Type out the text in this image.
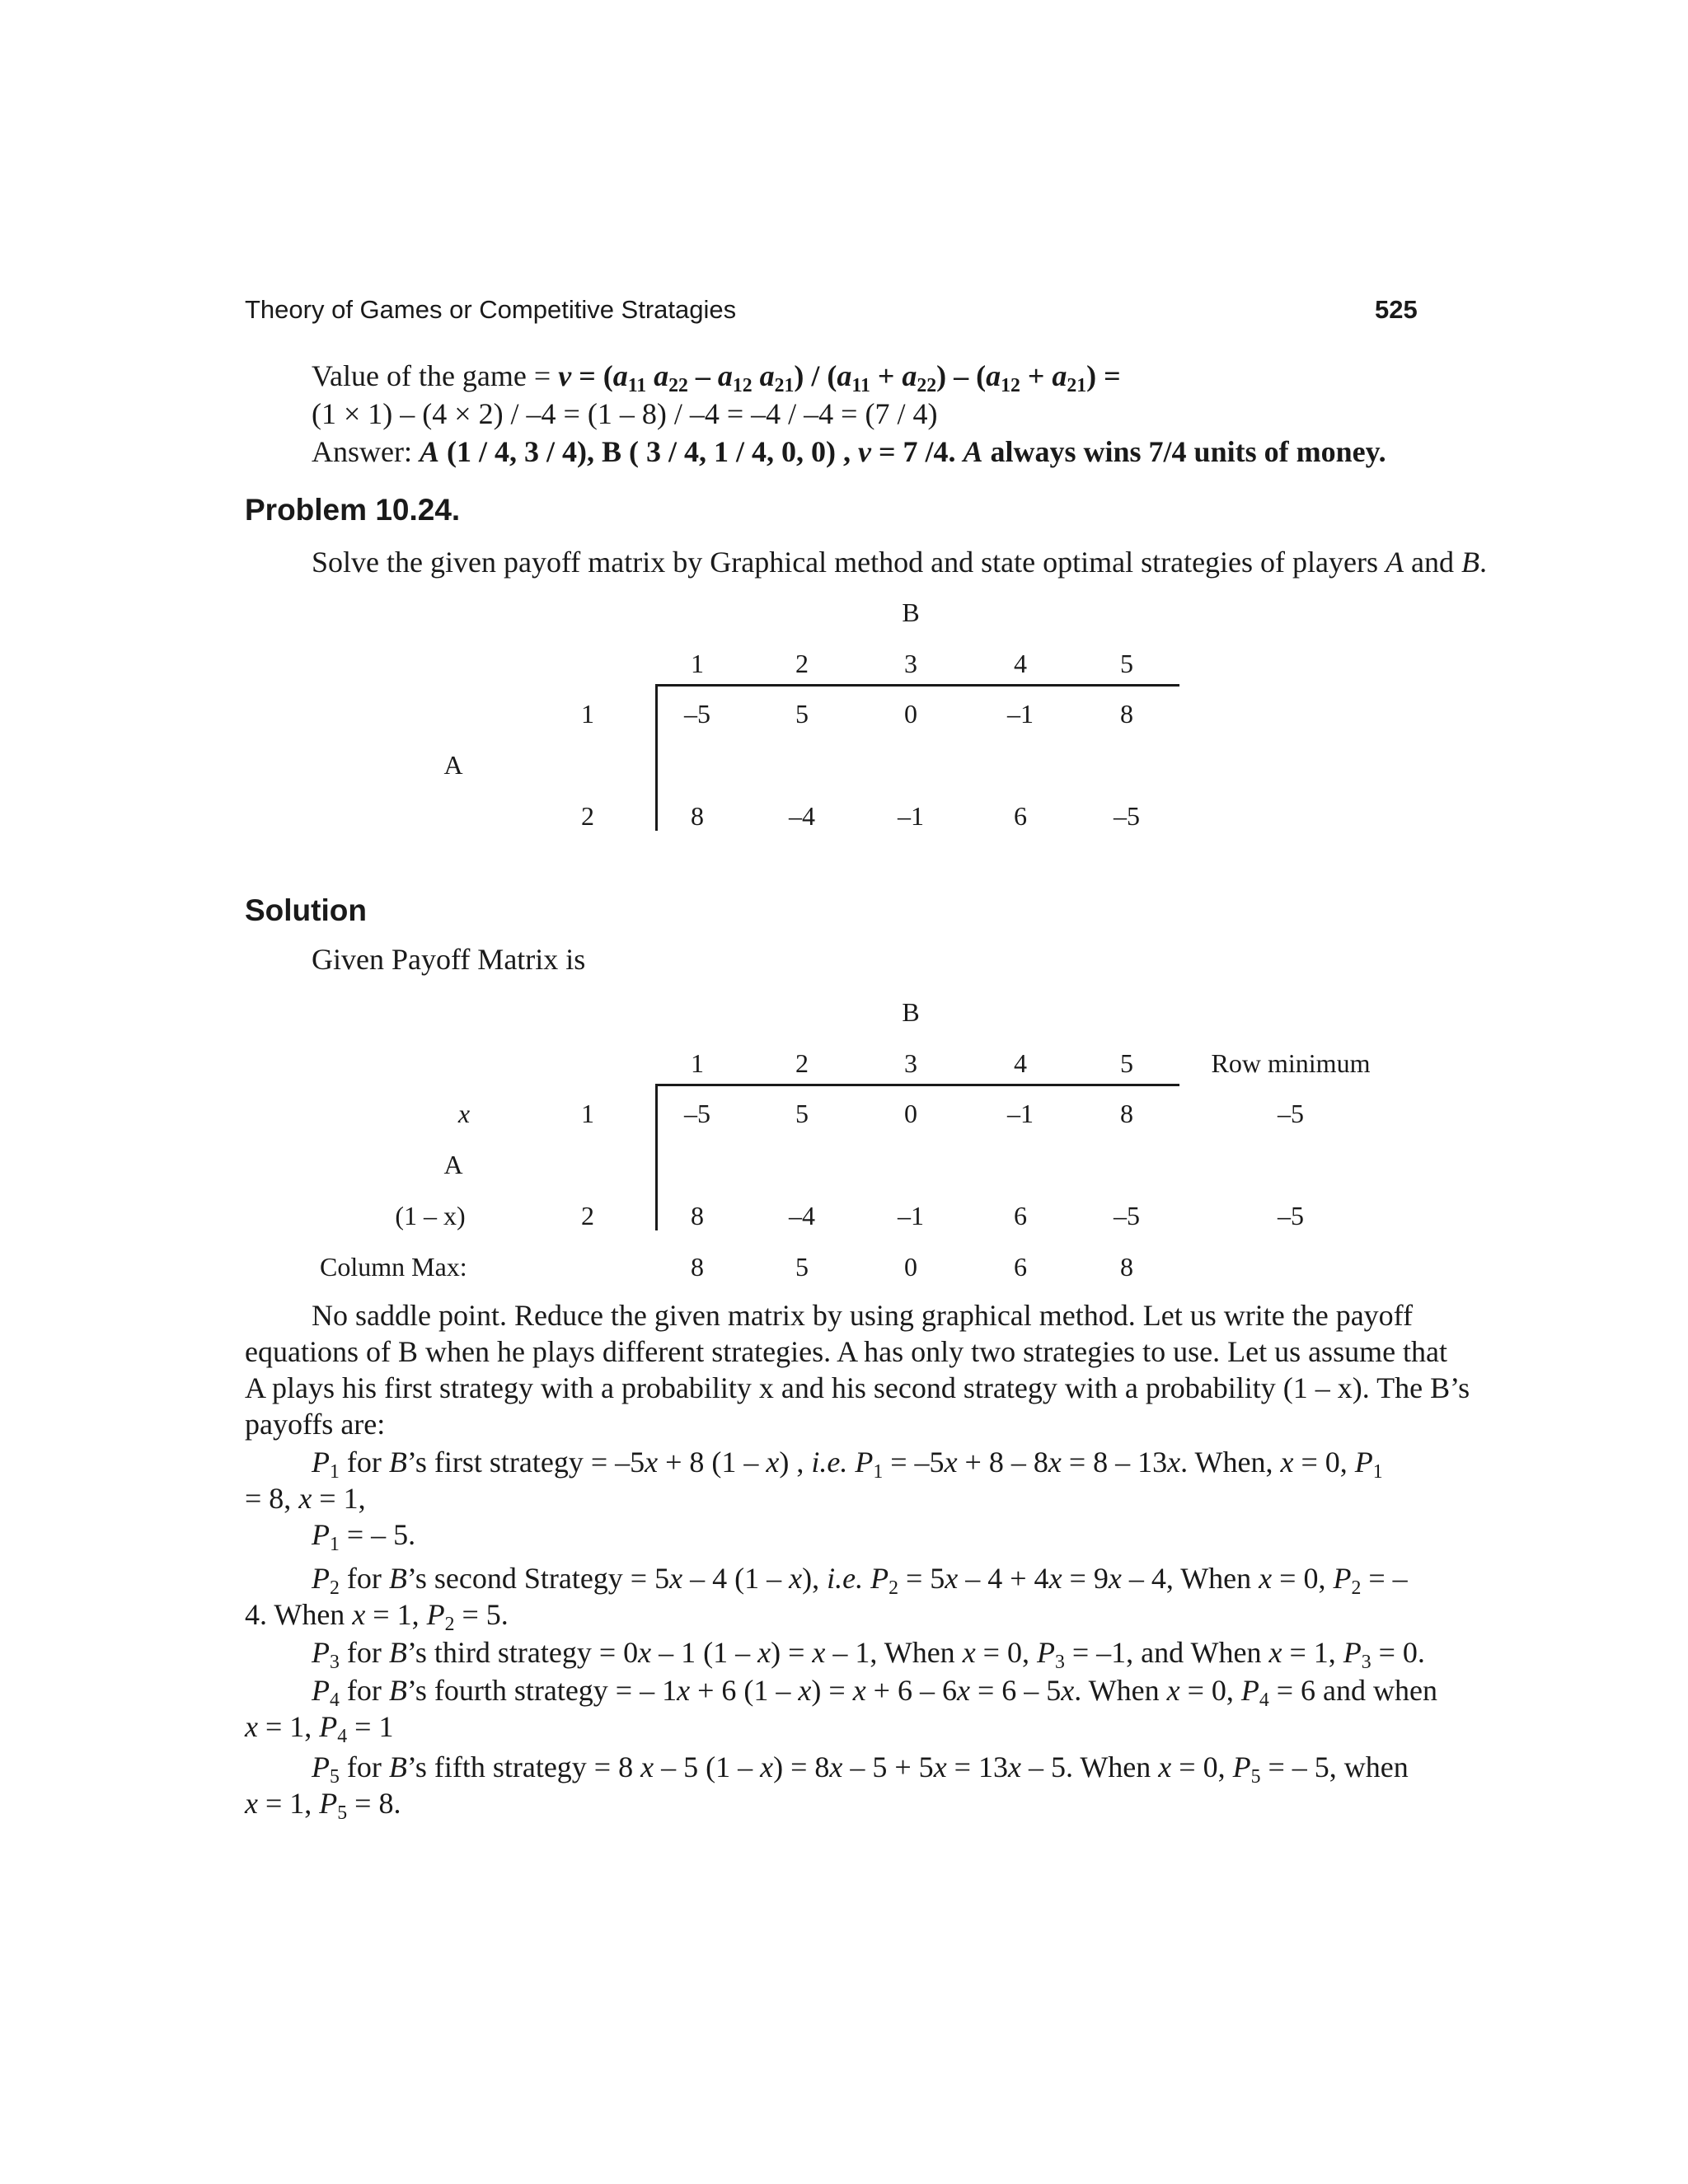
Theory of Games or Competitive Stratagies	525
Value of the game = $v = (a_{11}$ $a_{22} - a_{12}$ $a_{21}) / (a_{11} + a_{22}) - (a_{12} + a_{21})$ =
(1 × 1) – (4 × 2) / –4 = (1 – 8) / –4 = –4 / –4 = (7 / 4)
Answer: A (1 / 4, 3 / 4), B ( 3 / 4, 1 / 4, 0, 0) , v = 7 /4. A always wins 7/4 units of money.
Problem 10.24.
Solve the given payoff matrix by Graphical method and state optimal strategies of players A and B.
B
1	2	3	4	5
1	–5	5	0	–1	8
A
2	8	–4	–1	6	–5
Solution
Given Payoff Matrix is
B
1	2	3	4	5	Row minimum
x	1	–5	5	0	–1	8	–5
A
(1 – x)	2	8	–4	–1	6	–5	–5
Column Max:	8	5	0	6	8
No saddle point. Reduce the given matrix by using graphical method. Let us write the payoff
equations of B when he plays different strategies. A has only two strategies to use. Let us assume that
A plays his first strategy with a probability x and his second strategy with a probability (1 – x). The B’s
payoffs are:
$P_1$ for B’s first strategy = –5x + 8 (1 – x) , i.e. $P_1 = -5x + 8 - 8x = 8 - 13x$. When, x = 0, $P_1$
= 8, x = 1,
$P_1$ = – 5.
$P_2$ for B’s second Strategy = 5x – 4 (1 – x), i.e. $P_2 = 5x - 4 + 4x = 9x - 4$, When x = 0, $P_2$ = –
4. When x = 1, $P_2 = 5$.
$P_3$ for B’s third strategy = 0x – 1 (1 – x) = x – 1, When x = 0, $P_3 = -1$, and When x = 1, $P_3 = 0$.
$P_4$ for B’s fourth strategy = – 1x + 6 (1 – x) = x + 6 – 6x = 6 – 5x. When x = 0, $P_4 = 6$ and when
x = 1, $P_4 = 1$
$P_5$ for B’s fifth strategy = 8 x – 5 (1 – x) = 8x – 5 + 5x = 13x – 5. When x = 0, $P_5$ = – 5, when
x = 1, $P_5 = 8$.
